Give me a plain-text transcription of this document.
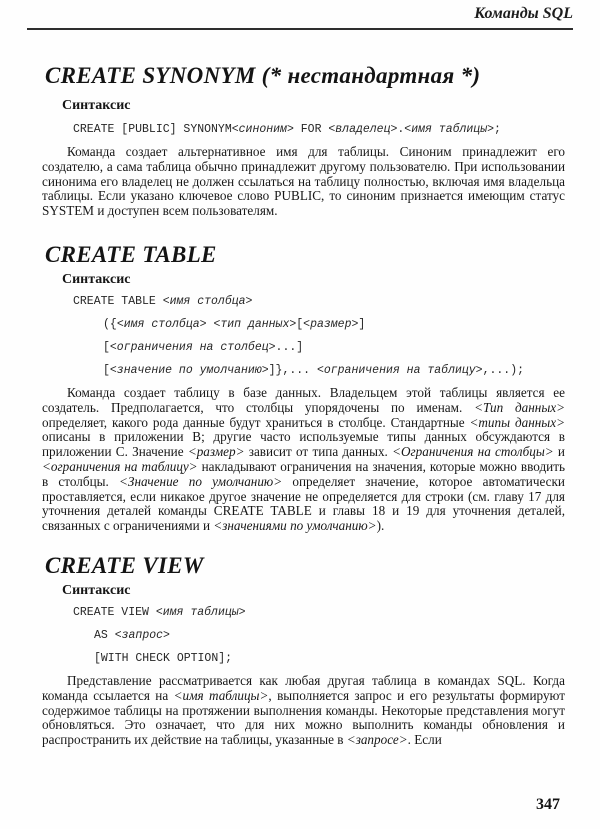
Команды SQL
CREATE SYNONYM (* нестандартная *)
Синтаксис
CREATE [PUBLIC] SYNONYM<синоним> FOR <владелец>.<имя таблицы>;

Команда создает альтернативное имя для таблицы. Синоним принадлежит его создателю, а сама таблица обычно принадлежит другому пользователю. При использовании синонима его владелец не должен ссылаться на таблицу полностью, включая имя владельца таблицы. Если указано ключевое слово PUBLIC, то синоним признается имеющим статус SYSTEM и доступен всем пользователям.

CREATE TABLE
Синтаксис
CREATE TABLE <имя столбца>
({<имя столбца> <тип данных>[<размер>]
[<ограничения на столбец>...]
[<значение по умолчанию>]},... <ограничения на таблицу>,...);

Команда создает таблицу в базе данных. Владельцем этой таблицы является ее создатель. Предполагается, что столбцы упорядочены по именам. <Тип данных> определяет, какого рода данные будут храниться в столбце. Стандартные <типы данных> описаны в приложении B; другие часто используемые типы данных обсуждаются в приложении C. Значение <размер> зависит от типа данных. <Ограничения на столбцы> и <ограничения на таблицу> накладывают ограничения на значения, которые можно вводить в столбцы. <Значение по умолчанию> определяет значение, которое автоматически проставляется, если никакое другое значение не определяется для строки (см. главу 17 для уточнения деталей команды CREATE TABLE и главы 18 и 19 для уточнения деталей, связанных с ограничениями и <значениями по умолчанию>).

CREATE VIEW
Синтаксис
CREATE VIEW <имя таблицы>
AS <запрос>
[WITH CHECK OPTION];

Представление рассматривается как любая другая таблица в командах SQL. Когда команда ссылается на <имя таблицы>, выполняется запрос и его результаты формируют содержимое таблицы на протяжении выполнения команды. Некоторые представления могут обновляться. Это означает, что для них можно выполнить команды обновления и распространить их действие на таблицы, указанные в <запросе>. Если

347
